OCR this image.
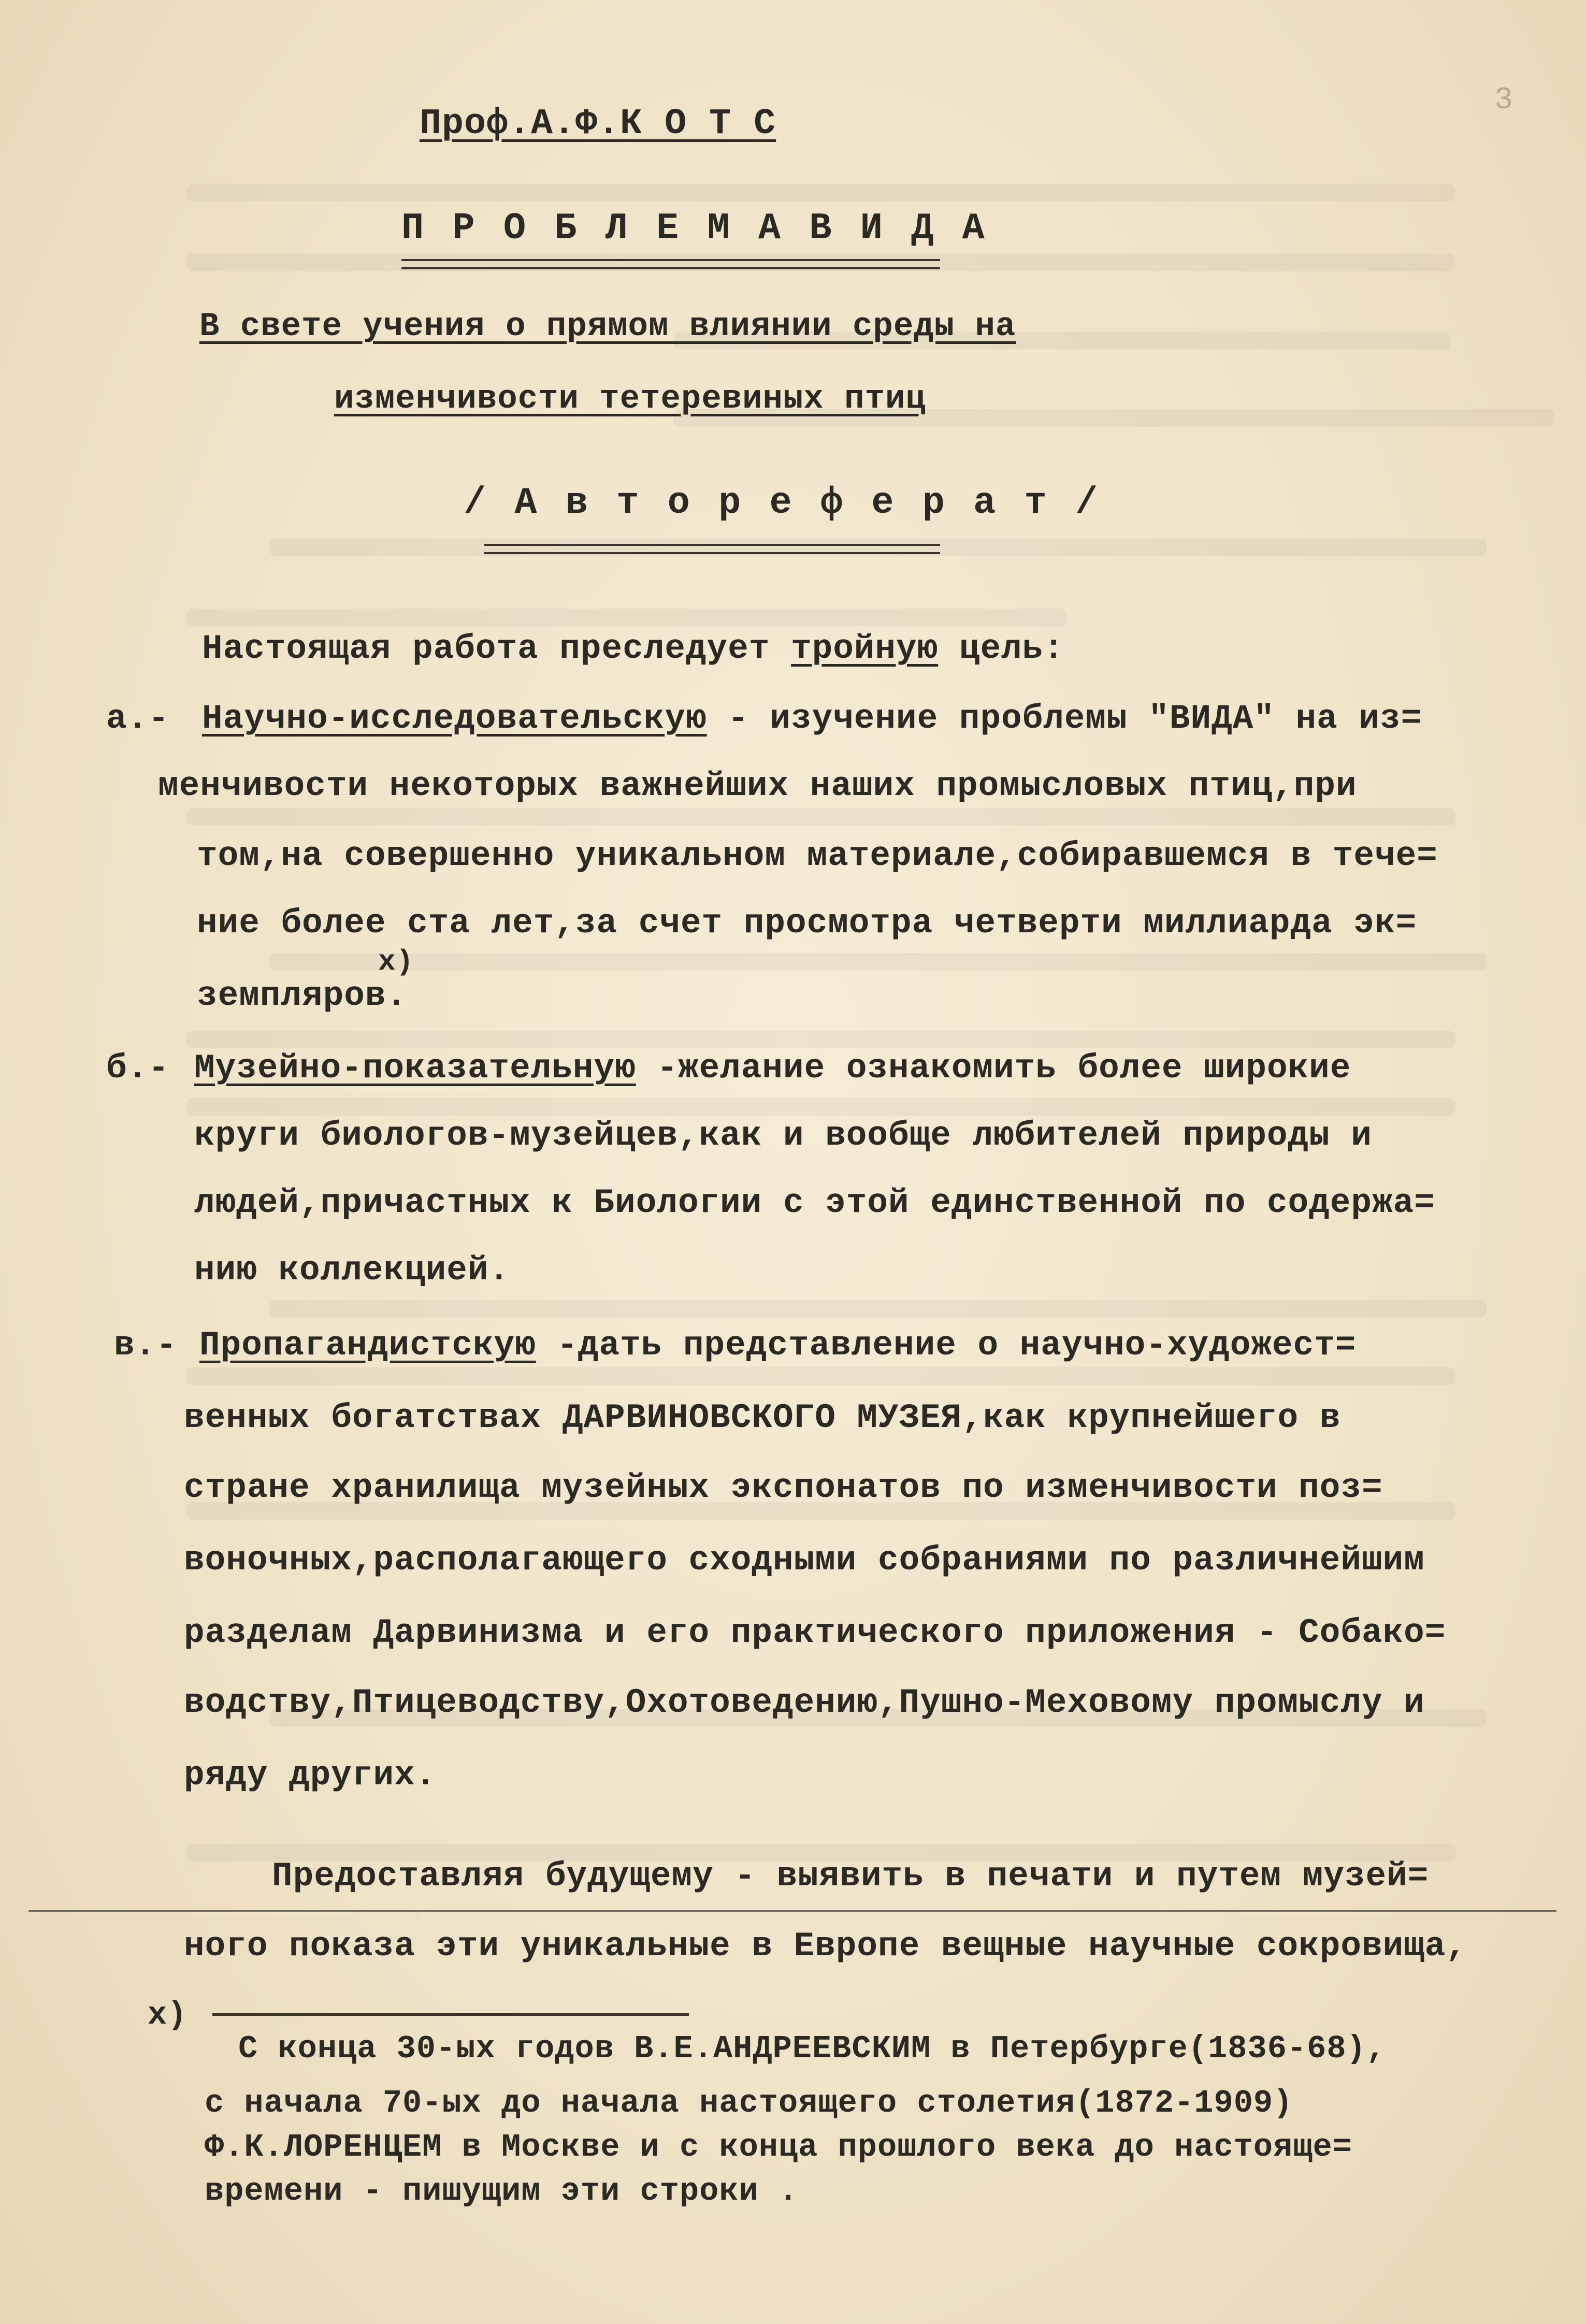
3
Проф.А.Ф.К О Т С
П Р О Б Л Е М А В И Д А
В свете учения о прямом влиянии среды на
изменчивости тетеревиных птиц
/ А в т о р е ф е р а т /
Настоящая работа преследует тройную цель:
а.- Научно-исследовательскую - изучение проблемы "ВИДА" на из=
менчивости некоторых важнейших наших промысловых птиц,при
том,на совершенно уникальном материале,собиравшемся в тече=
ние более ста лет,за счет просмотра четверти миллиарда эк=
х)
земпляров.
б.- Музейно-показательную -желание ознакомить более широкие
круги биологов-музейцев,как и вообще любителей природы и
людей,причастных к Биологии с этой единственной по содержа=
нию коллекцией.
в.- Пропагандистскую -дать представление о научно-художест=
венных богатствах ДАРВИНОВСКОГО МУЗЕЯ,как крупнейшего в
стране хранилища музейных экспонатов по изменчивости поз=
воночных,располагающего сходными собраниями по различнейшим
разделам Дарвинизма и его практического приложения - Собако=
водству,Птицеводству,Охотоведению,Пушно-Меховому промыслу и
ряду других.
Предоставляя будущему - выявить в печати и путем музей=
ного показа эти уникальные в Европе вещные научные сокровища,
х)
С конца 30-ых годов В.Е.АНДРЕЕВСКИМ в Петербурге(1836-68),
с начала 70-ых до начала настоящего столетия(1872-1909)
Ф.К.ЛОРЕНЦЕМ в Москве и с конца прошлого века до настояще=
времени - пишущим эти строки .
